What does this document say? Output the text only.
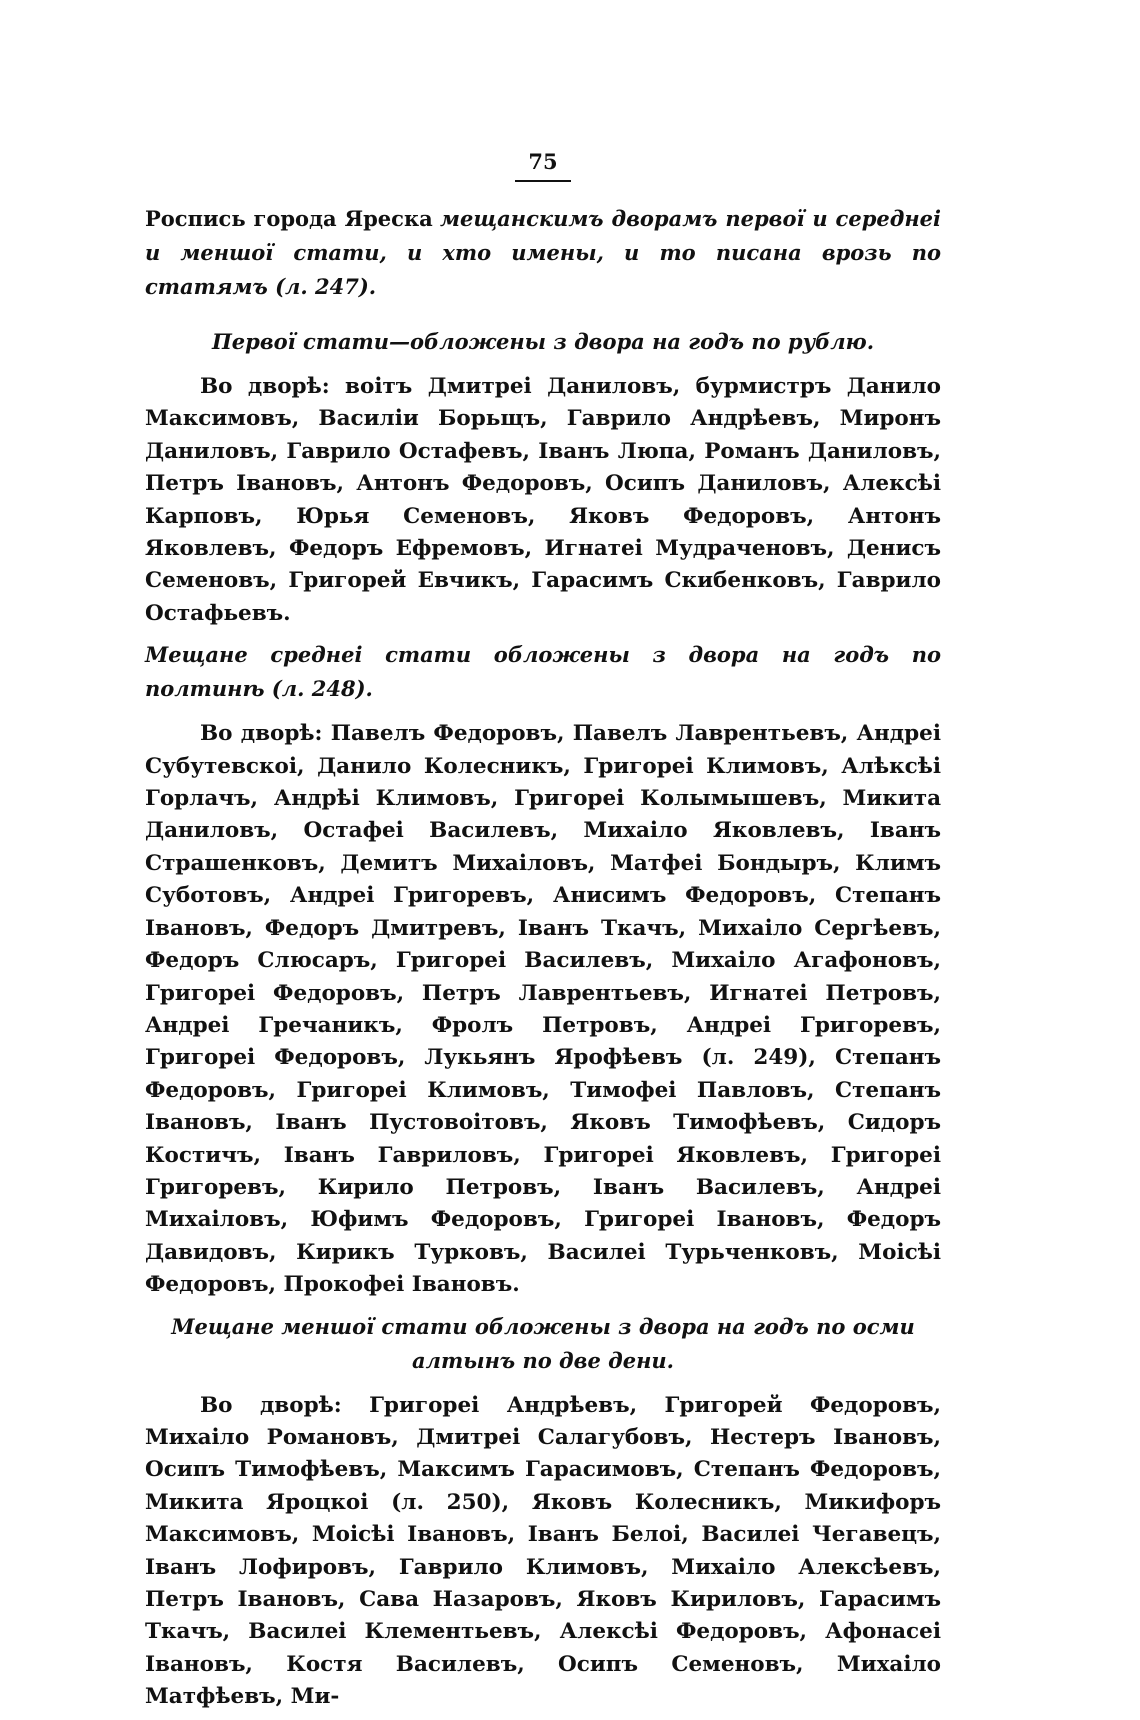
75

Роспись города Яреска мещанскимъ дворамъ первої и середнеі и меншої стати, и хто имены, и то писана врозь по статямъ (л. 247).

Первої стати—обложены з двора на годъ по рублю.

Во дворѣ: воітъ Дмитреі Даниловъ, бурмистръ Данило Максимовъ, Василіи Борьщъ, Гаврило Андрѣевъ, Миронъ Даниловъ, Гаврило Остафевъ, Іванъ Люпа, Романъ Даниловъ, Петръ Івановъ, Антонъ Федоровъ, Осипъ Даниловъ, Алексѣі Карповъ, Юрья Семеновъ, Яковъ Федоровъ, Антонъ Яковлевъ, Федоръ Ефремовъ, Игнатеі Мудраченовъ, Денисъ Семеновъ, Григорей Евчикъ, Гарасимъ Скибенковъ, Гаврило Остафьевъ.

Мещане среднеі стати обложены з двора на годъ по полтинѣ (л. 248).

Во дворѣ: Павелъ Федоровъ, Павелъ Лаврентьевъ, Андреі Субутевскоі, Данило Колесникъ, Григореі Климовъ, Алѣксѣі Горлачъ, Андрѣі Климовъ, Григореі Колымышевъ, Микита Даниловъ, Остафеі Василевъ, Михаіло Яковлевъ, Іванъ Страшенковъ, Демитъ Михаіловъ, Матфеі Бондыръ, Климъ Суботовъ, Андреі Григоревъ, Анисимъ Федоровъ, Степанъ Івановъ, Федоръ Дмитревъ, Іванъ Ткачъ, Михаіло Сергѣевъ, Федоръ Слюсаръ, Григореі Василевъ, Михаіло Агафоновъ, Григореі Федоровъ, Петръ Лаврентьевъ, Игнатеі Петровъ, Андреі Гречаникъ, Фролъ Петровъ, Андреі Григоревъ, Григореі Федоровъ, Лукьянъ Ярофѣевъ (л. 249), Степанъ Федоровъ, Григореі Климовъ, Тимофеі Павловъ, Степанъ Івановъ, Іванъ Пустовоітовъ, Яковъ Тимофѣевъ, Сидоръ Костичъ, Іванъ Гавриловъ, Григореі Яковлевъ, Григореі Григоревъ, Кирило Петровъ, Іванъ Василевъ, Андреі Михаіловъ, Юфимъ Федоровъ, Григореі Івановъ, Федоръ Давидовъ, Кирикъ Турковъ, Василеі Турьченковъ, Моісѣі Федоровъ, Прокофеі Івановъ.

Мещане меншої стати обложены з двора на годъ по осми алтынъ по две дени.

Во дворѣ: Григореі Андрѣевъ, Григорей Федоровъ, Михаіло Романовъ, Дмитреі Салагубовъ, Нестеръ Івановъ, Осипъ Тимофѣевъ, Максимъ Гарасимовъ, Степанъ Федоровъ, Микита Яроцкоі (л. 250), Яковъ Колесникъ, Микифоръ Максимовъ, Моісѣі Івановъ, Іванъ Белоі, Василеі Чегавецъ, Іванъ Лофировъ, Гаврило Климовъ, Михаіло Алексѣевъ, Петръ Івановъ, Сава Назаровъ, Яковъ Кириловъ, Гарасимъ Ткачъ, Василеі Клементьевъ, Алексѣі Федоровъ, Афонасеі Івановъ, Костя Василевъ, Осипъ Семеновъ, Михаіло Матфѣевъ, Ми-
